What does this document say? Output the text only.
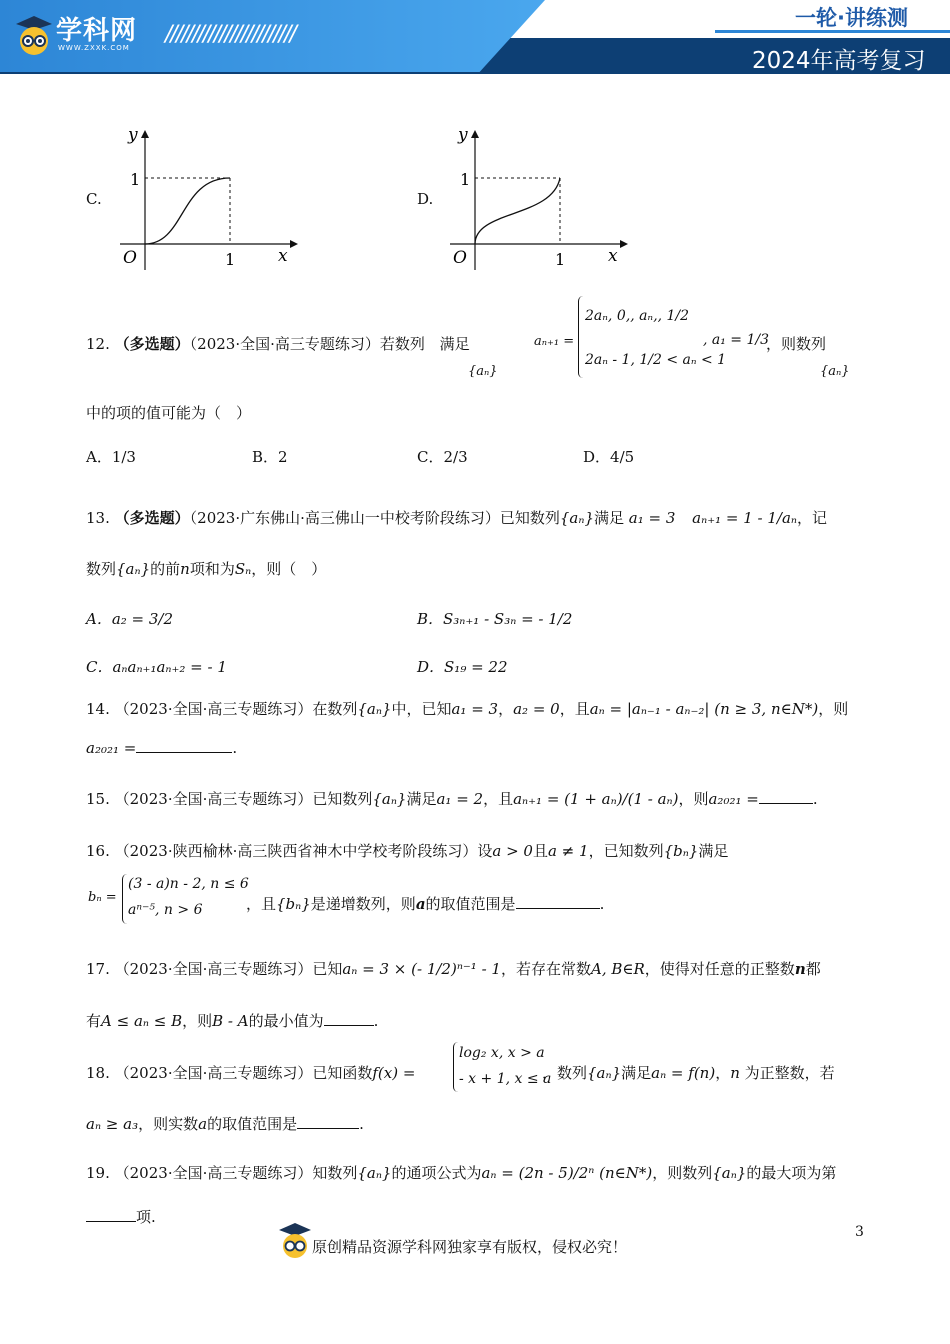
学科网
WWW.ZXXK.COM
////////////////////////
一轮·讲练测
2024年高考复习
C.
y
1
O	1	x
D.
y
1
O	1	x
12. （多选题）（2023·全国·高三专题练习）若数列 满足
{aₙ}
aₙ₊₁ =
2aₙ, 0‚‚ aₙ‚‚ 1/2
2aₙ - 1, 1/2 < aₙ < 1
, a₁ = 1/3
，则数列
{aₙ}
中的项的值可能为（　）
A．1/3	B．2	C．2/3	D．4/5
13. （多选题）（2023·广东佛山·高三佛山一中校考阶段练习）已知数列{aₙ}满足 a₁ = 3 aₙ₊₁ = 1 - 1/aₙ，记
数列{aₙ}的前n项和为Sₙ，则（　）
A．a₂ = 3/2	B．S₃ₙ₊₁ - S₃ₙ = - 1/2
C．aₙaₙ₊₁aₙ₊₂ = - 1	D．S₁₉ = 22
14. （2023·全国·高三专题练习）在数列{aₙ}中，已知a₁ = 3，a₂ = 0，且aₙ = |aₙ₋₁ - aₙ₋₂| (n ≥ 3, n∈N*)，则
a₂₀₂₁ =	.
15. （2023·全国·高三专题练习）已知数列{aₙ}满足a₁ = 2，且aₙ₊₁ = (1 + aₙ)/(1 - aₙ)，则a₂₀₂₁ =	.
16. （2023·陕西榆林·高三陕西省神木中学校考阶段练习）设a > 0且a ≠ 1，已知数列{bₙ}满足
bₙ =
(3 - a)n - 2, n ≤ 6
aⁿ⁻⁵, n > 6	，且{bₙ}是递增数列，则a的取值范围是	.
17. （2023·全国·高三专题练习）已知aₙ = 3 × (- 1/2)ⁿ⁻¹ - 1，若存在常数A, B∈R，使得对任意的正整数n都
有A ≤ aₙ ≤ B，则B - A的最小值为	.
18. （2023·全国·高三专题练习）已知函数f(x) =
log₂ x, x > a
- x + 1, x ≤ a
，数列{aₙ}满足aₙ = f(n)，n 为正整数，若
aₙ ≥ a₃，则实数a的取值范围是	.
19. （2023·全国·高三专题练习）知数列{aₙ}的通项公式为aₙ = (2n - 5)/2ⁿ (n∈N*)，则数列{aₙ}的最大项为第
项.
原创精品资源学科网独家享有版权，侵权必究！
3
